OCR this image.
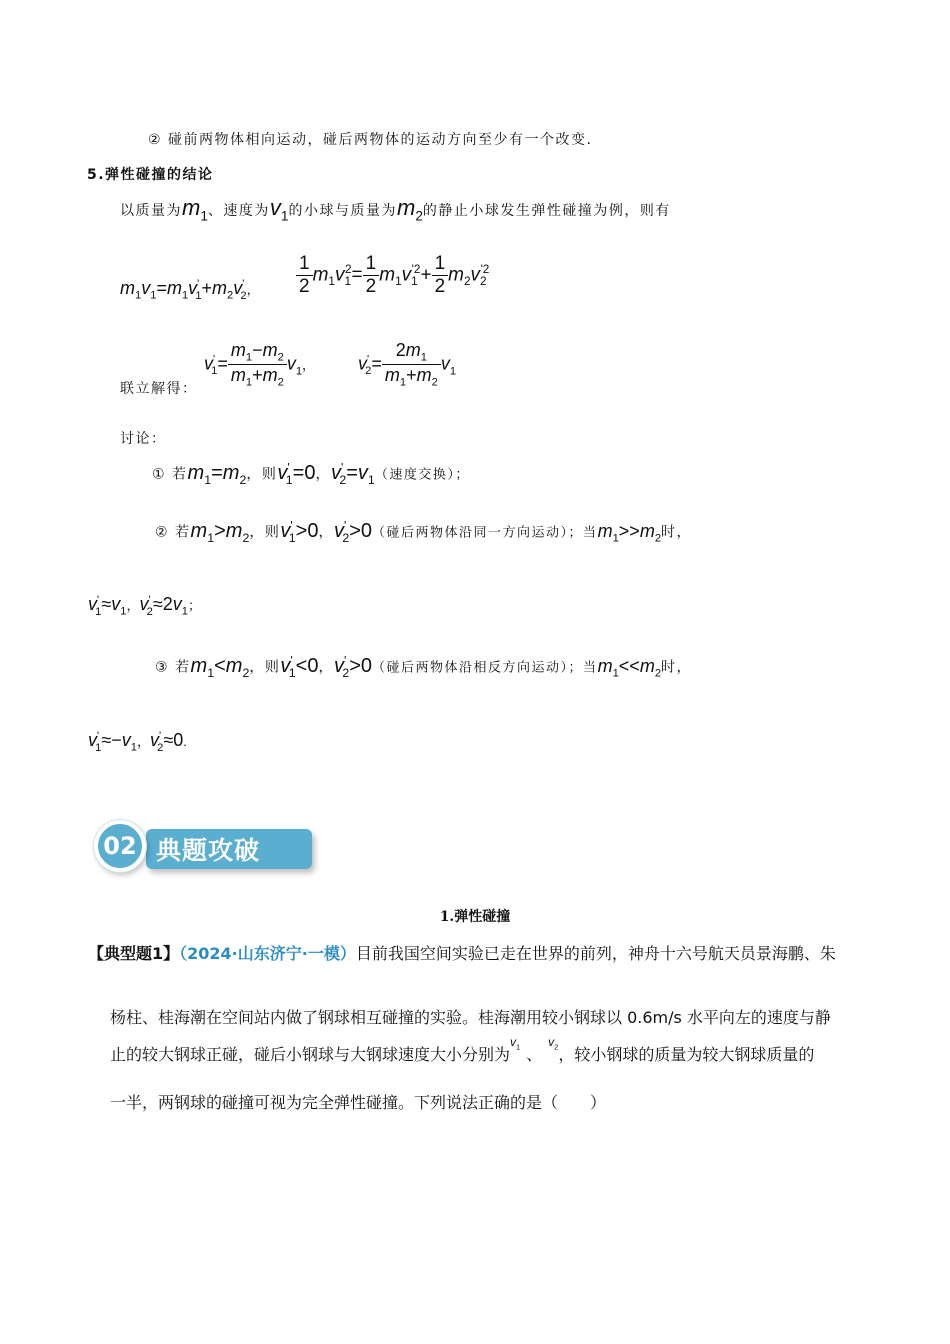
② 碰前两物体相向运动，碰后两物体的运动方向至少有一个改变.
5.弹性碰撞的结论
以质量为$m_1$、速度为$v_1$的小球与质量为$m_2$的静止小球发生弹性碰撞为例，则有
$m_1v_1=m_1v'_1+m_2v'_2$， $\frac{1}{2} m_1v_1^2= \frac{1}{2} m_1v_1^{'2}+ \frac{1}{2} m_2v_2^{'2}$
联立解得：
$v'_1= \frac{m_1-m_2}{m_1+m_2} v_1$， $v'_2= \frac{2m_1}{m_1+m_2} v_1$
讨论：
① 若$m_1=m_2$，则$v'_1=0$，$v'_2=v_1$（速度交换）；
② 若$m_1>m_2$，则$v'_1>0$，$v'_2>0$（碰后两物体沿同一方向运动）；当$m_1>>m_2$时，
$v'_1\approx v_1$，$v'_2\approx 2v_1$；
③ 若$m_1<m_2$，则$v'_1<0$，$v'_2>0$（碰后两物体沿相反方向运动）；当$m_1<<m_2$时，
$v'_1\approx-v_1$，$v'_2\approx 0$.
典题攻破
02
1.弹性碰撞
【典型题1】（2024·山东济宁·一模）目前我国空间实验已走在世界的前列，神舟十六号航天员景海鹏、朱
杨柱、桂海潮在空间站内做了钢球相互碰撞的实验。桂海潮用较小钢球以 0.6m/s 水平向左的速度与静
止的较大钢球正碰，碰后小钢球与大钢球速度大小分别为$^{v_1}$ 、$^{v_2}$，较小钢球的质量为较大钢球质量的
一半，两钢球的碰撞可视为完全弹性碰撞。下列说法正确的是（　　）
